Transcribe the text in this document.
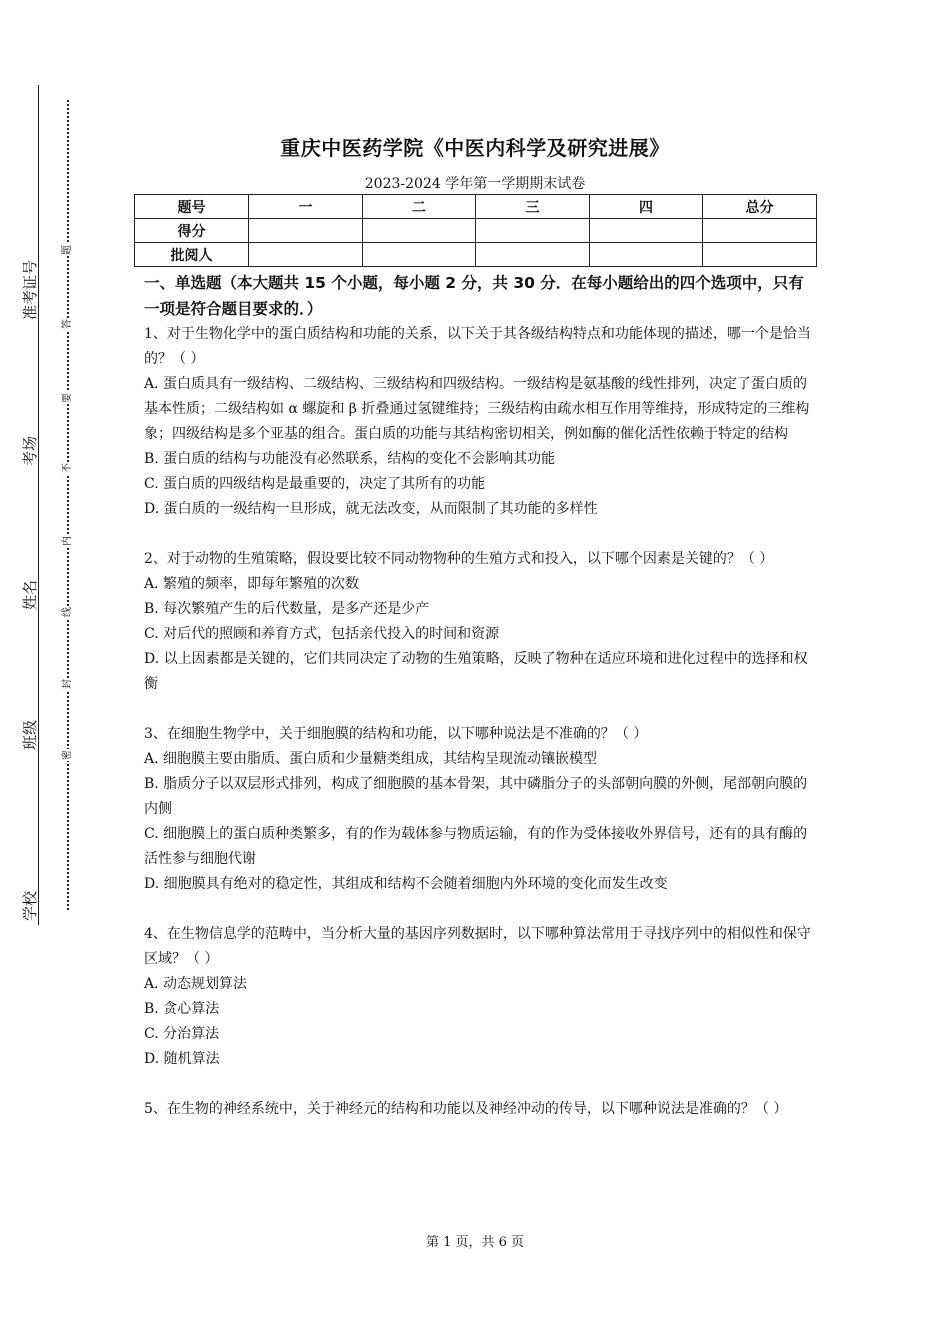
准考证号
考场
姓名
班级
学校
题
答
要
不
内
线
封
密
重庆中医药学院《中医内科学及研究进展》
2023-2024 学年第一学期期末试卷
题号	一	二	三	四	总分
得分					
批阅人					

一、单选题（本大题共 15 个小题，每小题 2 分，共 30 分．在每小题给出的四个选项中，只有一项是符合题目要求的．）

1、对于生物化学中的蛋白质结构和功能的关系，以下关于其各级结构特点和功能体现的描述，哪一个是恰当的？（ ）

A. 蛋白质具有一级结构、二级结构、三级结构和四级结构。一级结构是氨基酸的线性排列，决定了蛋白质的基本性质；二级结构如 α 螺旋和 β 折叠通过氢键维持；三级结构由疏水相互作用等维持，形成特定的三维构象；四级结构是多个亚基的组合。蛋白质的功能与其结构密切相关，例如酶的催化活性依赖于特定的结构

B. 蛋白质的结构与功能没有必然联系，结构的变化不会影响其功能

C. 蛋白质的四级结构是最重要的，决定了其所有的功能

D. 蛋白质的一级结构一旦形成，就无法改变，从而限制了其功能的多样性

2、对于动物的生殖策略，假设要比较不同动物物种的生殖方式和投入，以下哪个因素是关键的？（ ）

A. 繁殖的频率，即每年繁殖的次数

B. 每次繁殖产生的后代数量，是多产还是少产

C. 对后代的照顾和养育方式，包括亲代投入的时间和资源

D. 以上因素都是关键的，它们共同决定了动物的生殖策略，反映了物种在适应环境和进化过程中的选择和权衡

3、在细胞生物学中，关于细胞膜的结构和功能，以下哪种说法是不准确的？（ ）

A. 细胞膜主要由脂质、蛋白质和少量糖类组成，其结构呈现流动镶嵌模型

B. 脂质分子以双层形式排列，构成了细胞膜的基本骨架，其中磷脂分子的头部朝向膜的外侧，尾部朝向膜的内侧

C. 细胞膜上的蛋白质种类繁多，有的作为载体参与物质运输，有的作为受体接收外界信号，还有的具有酶的活性参与细胞代谢

D. 细胞膜具有绝对的稳定性，其组成和结构不会随着细胞内外环境的变化而发生改变

4、在生物信息学的范畴中，当分析大量的基因序列数据时，以下哪种算法常用于寻找序列中的相似性和保守区域？（ ）

A. 动态规划算法

B. 贪心算法

C. 分治算法

D. 随机算法

5、在生物的神经系统中，关于神经元的结构和功能以及神经冲动的传导，以下哪种说法是准确的？（ ）

第 1 页，共 6 页
